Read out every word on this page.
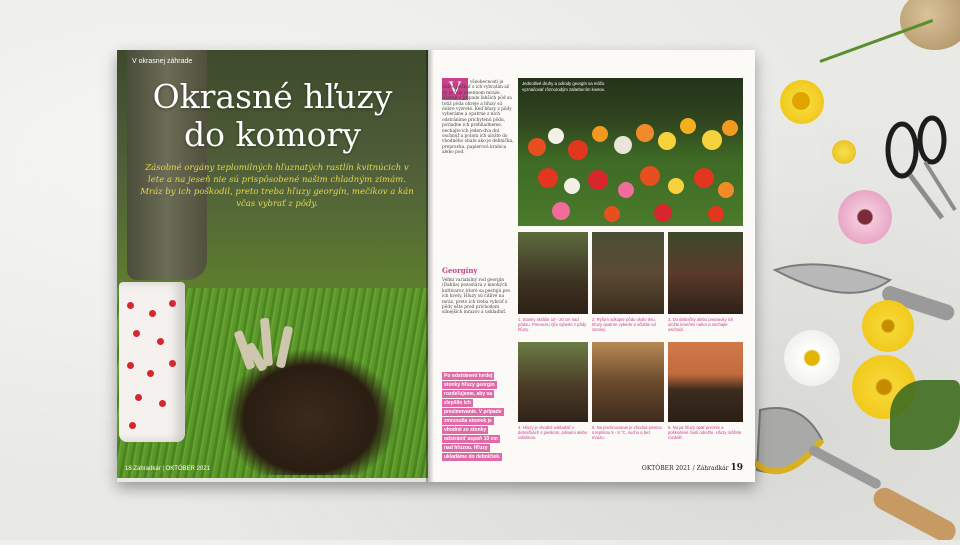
V okrasnej záhrade
Okrasné hľuzy
do komory
Zásobné orgány teplomilných hľuznatých rastlín kvitnúcich v lete a na jeseň nie sú prispôsobené našim chladným zimám. Mráz by ich poškodil, preto treba hľuzy georgín, mečíkov a kán včas vybrať z pôdy.
18 Záhradkár | OKTÓBER 2021
V	všeobecnosti je dobré počkať s ich vybratím až po prvom jesennom mraze. Hlavne v prípade ľahších pôd sa totiž pôda ohreje a hľuzy sú dobre vyzreté. Keď hľuzy z pôdy vyberáme a opatrne z nich odstránime prichytenú pôdu, poriadne ich prehliadneme, nechajte ich jeden-dva dni oschnúť a potom ich uložte do vhodného obalu ako je debnička, prepravka, papierová krabica alebo pod.
Georgíny
Veľmi variabilný rod georgín (Dahlia) pozostáva z mnohých kultivarov, ktoré sa pestujú pre ich kvety. Hľuzy sú citlivé na mráz, preto ich treba vybrať z pôdy ešte pred príchodom silnejších mrazov a uskladniť.
Po odstránení tvrdej stonky hľuzy georgín rozdeľujeme, aby sa zlepšilo ich prezimovanie. V prípade zmrznutia stoniek je vhodné zo stonky odstrániť aspoň 10 cm nad hľuzou. Hľuzy ukladáme do debničiek.
Jednotlivé druhy a odrody georgín sa môžu vyznačovať rôznorodým zafarbením kvetov.
1. Stonky skráťte 10 - 20 cm nad pôdou. Pomocou rýľa vyberte z pôdy hľuzy.
2. Rýľom odkopte pôdu okolo trsu, hľuzy opatrne vyberte a očistite od zeminy.
3. Do debničky alebo prepravky ich uložte koreňmi nahor a nechajte oschnúť.
4. Hľuzy je vhodné uskladniť v debničkách s pieskom, pilinami alebo rašelinou.
5. Na prezimovanie je vhodná pivnica s teplotou 5 - 8 °C, sucho a bez mrazu.
6. Na jar hľuzy opäť prezrite a poškodené časti odrežte. Hľuzy môžete rozdeliť.
OKTÓBER 2021 / Záhradkár 19
